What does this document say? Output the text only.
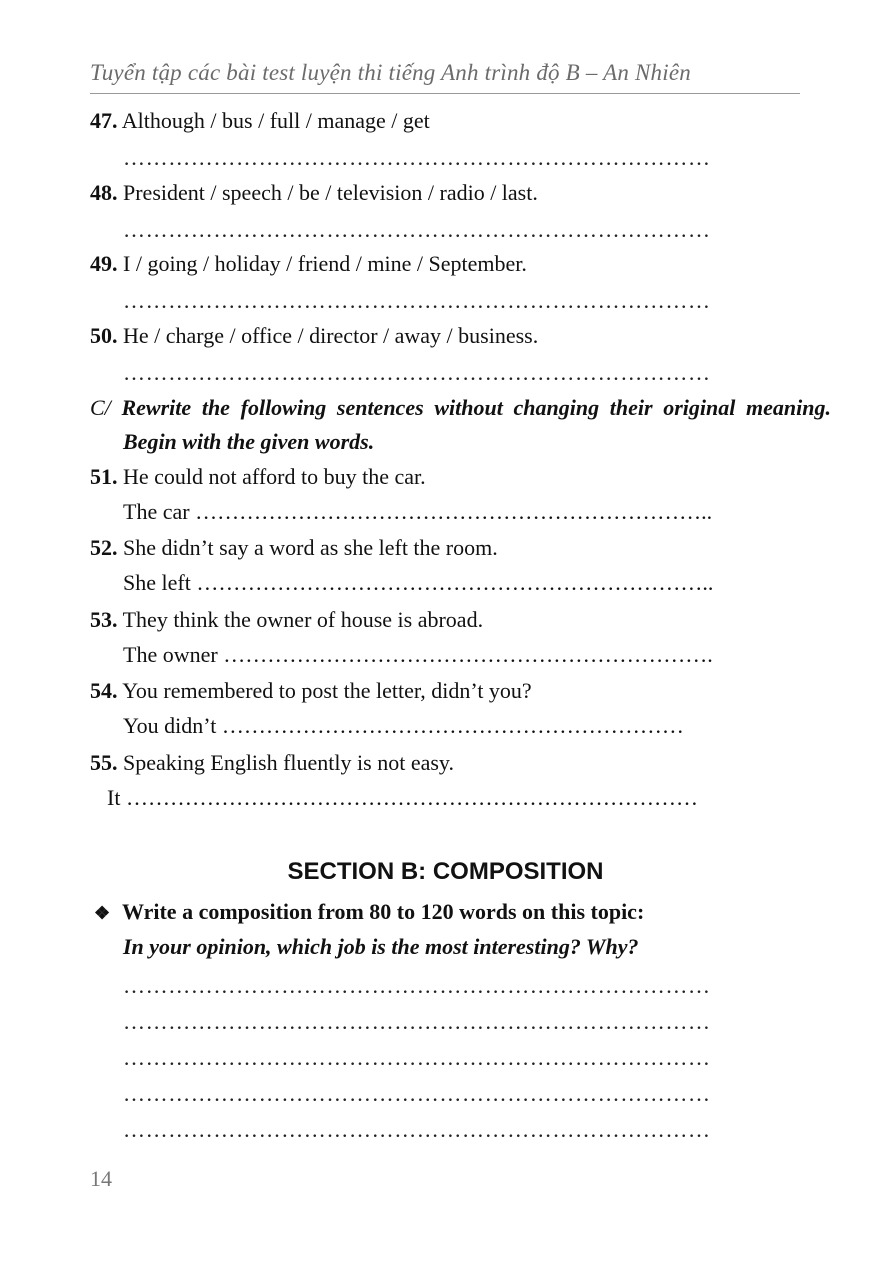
Tuyển tập các bài test luyện thi tiếng Anh trình độ B – An Nhiên
47. Although / bus / full / manage / get
……………………………………………………………………
48. President / speech / be / television / radio / last.
……………………………………………………………………
49. I / going / holiday / friend / mine / September.
……………………………………………………………………
50. He / charge / office / director / away / business.
……………………………………………………………………
C/ Rewrite the following sentences without changing their original meaning. Begin with the given words.
51. He could not afford to buy the car.
The car ……………………………………………………………..
52. She didn’t say a word as she left the room.
She left ……………………………………………………………..
53. They think the owner of house is abroad.
The owner ………………………………………………………….
54. You remembered to post the letter, didn’t you?
You didn’t ………………………………………………………
55. Speaking English fluently is not easy.
It ……………………………………………………………………
SECTION B: COMPOSITION
❖ Write a composition from 80 to 120 words on this topic:
In your opinion, which job is the most interesting? Why?
……………………………………………………………………
……………………………………………………………………
……………………………………………………………………
……………………………………………………………………
……………………………………………………………………
14
